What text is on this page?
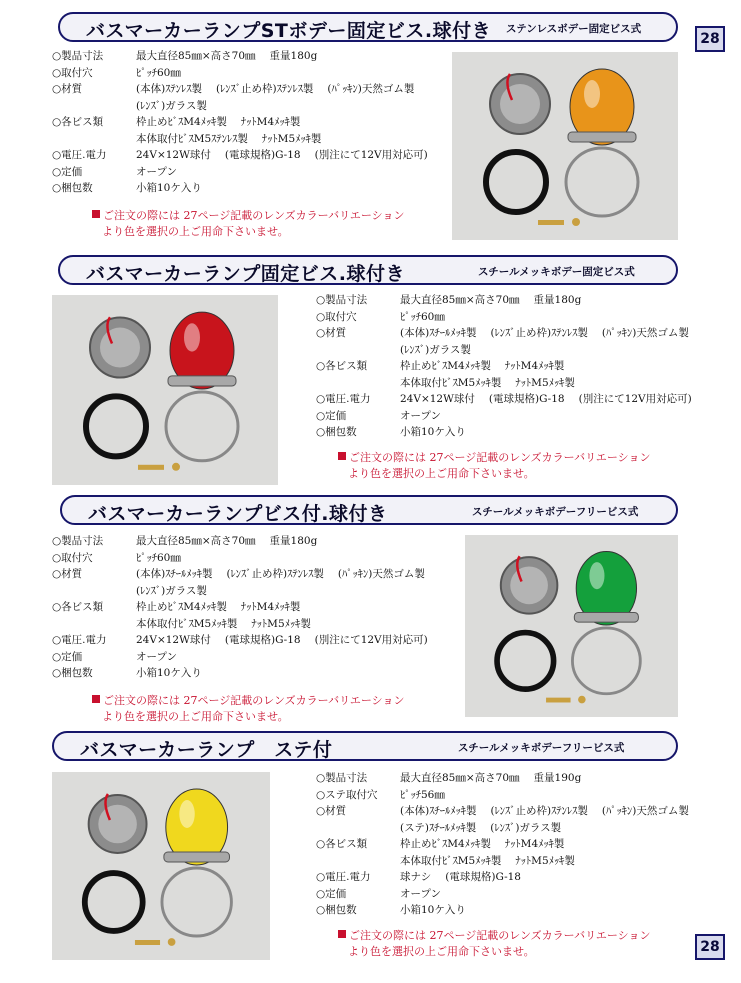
28
28
バスマーカーランプSTボデー固定ビス.球付き ステンレスボデー固定ビス式
バスマーカーランプ固定ビス.球付き	スチールメッキボデー固定ビス式
バスマーカーランプビス付.球付き	スチールメッキボデーフリービス式
バスマーカーランプ　ステ付	スチールメッキボデーフリービス式
○製品寸法	最大直径85㎜×高さ70㎜ 重量180g
○取付穴	ﾋﾟｯﾁ60㎜
○材質	(本体)ｽﾃﾝﾚｽ製 (ﾚﾝｽﾞ止め枠)ｽﾃﾝﾚｽ製 (ﾊﾟｯｷﾝ)天然ゴム製
(ﾚﾝｽﾞ)ガラス製
○各ビス類	枠止めﾋﾞｽM4ﾒｯｷ製 ﾅｯﾄM4ﾒｯｷ製
本体取付ﾋﾞｽM5ｽﾃﾝﾚｽ製 ﾅｯﾄM5ﾒｯｷ製
○電圧.電力	24V×12W球付 (電球規格)G-18 (別注にて12V用対応可)
○定価	オープン
○梱包数	小箱10ケ入り
○製品寸法	最大直径85㎜×高さ70㎜ 重量180g
○取付穴	ﾋﾟｯﾁ60㎜
○材質	(本体)ｽﾁｰﾙﾒｯｷ製 (ﾚﾝｽﾞ止め枠)ｽﾃﾝﾚｽ製 (ﾊﾟｯｷﾝ)天然ゴム製
(ﾚﾝｽﾞ)ガラス製
○各ビス類	枠止めﾋﾞｽM4ﾒｯｷ製 ﾅｯﾄM4ﾒｯｷ製
本体取付ﾋﾞｽM5ﾒｯｷ製 ﾅｯﾄM5ﾒｯｷ製
○電圧.電力	24V×12W球付 (電球規格)G-18 (別注にて12V用対応可)
○定価	オープン
○梱包数	小箱10ケ入り
○製品寸法	最大直径85㎜×高さ70㎜ 重量180g
○取付穴	ﾋﾟｯﾁ60㎜
○材質	(本体)ｽﾁｰﾙﾒｯｷ製 (ﾚﾝｽﾞ止め枠)ｽﾃﾝﾚｽ製 (ﾊﾟｯｷﾝ)天然ゴム製
(ﾚﾝｽﾞ)ガラス製
○各ビス類	枠止めﾋﾞｽM4ﾒｯｷ製 ﾅｯﾄM4ﾒｯｷ製
本体取付ﾋﾞｽM5ﾒｯｷ製 ﾅｯﾄM5ﾒｯｷ製
○電圧.電力	24V×12W球付 (電球規格)G-18 (別注にて12V用対応可)
○定価	オープン
○梱包数	小箱10ケ入り
○製品寸法	最大直径85㎜×高さ70㎜ 重量190g
○ステ取付穴 ﾋﾟｯﾁ56㎜
○材質	(本体)ｽﾁｰﾙﾒｯｷ製 (ﾚﾝｽﾞ止め枠)ｽﾃﾝﾚｽ製 (ﾊﾟｯｷﾝ)天然ゴム製
(ステ)ｽﾁｰﾙﾒｯｷ製 (ﾚﾝｽﾞ)ガラス製
○各ビス類	枠止めﾋﾞｽM4ﾒｯｷ製 ﾅｯﾄM4ﾒｯｷ製
本体取付ﾋﾞｽM5ﾒｯｷ製 ﾅｯﾄM5ﾒｯｷ製
○電圧.電力	球ナシ (電球規格)G-18
○定価	オープン
○梱包数	小箱10ケ入り
ご注文の際には 27ページ記載のレンズカラーバリエーション
より色を選択の上ご用命下さいませ。
ご注文の際には 27ページ記載のレンズカラーバリエーション
より色を選択の上ご用命下さいませ。
ご注文の際には 27ページ記載のレンズカラーバリエーション
より色を選択の上ご用命下さいませ。
ご注文の際には 27ページ記載のレンズカラーバリエーション
より色を選択の上ご用命下さいませ。
